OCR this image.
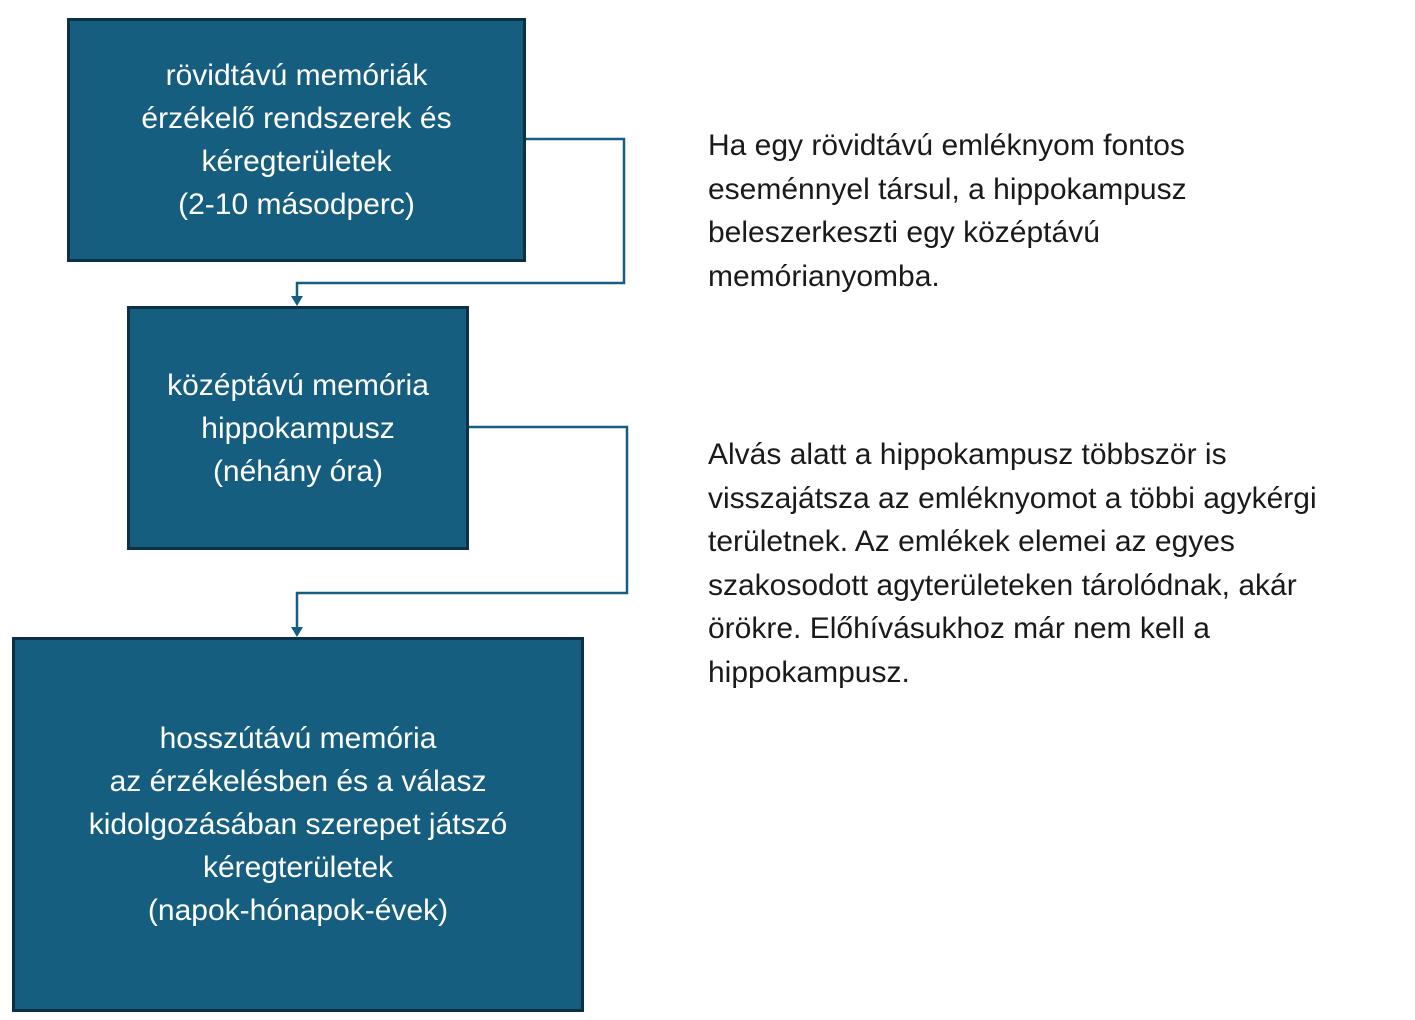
rövidtávú memóriák
érzékelő rendszerek és
kéregterületek
(2-10 másodperc)
középtávú memória
hippokampusz
(néhány óra)
hosszútávú memória
az érzékelésben és a válasz
kidolgozásában szerepet játszó
kéregterületek
(napok-hónapok-évek)
Ha egy rövidtávú emléknyom fontos
eseménnyel társul, a hippokampusz
beleszerkeszti egy középtávú
memórianyomba.
Alvás alatt a hippokampusz többször is
visszajátsza az emléknyomot a többi agykérgi
területnek. Az emlékek elemei az egyes
szakosodott agyterületeken tárolódnak, akár
örökre. Előhívásukhoz már nem kell a
hippokampusz.
